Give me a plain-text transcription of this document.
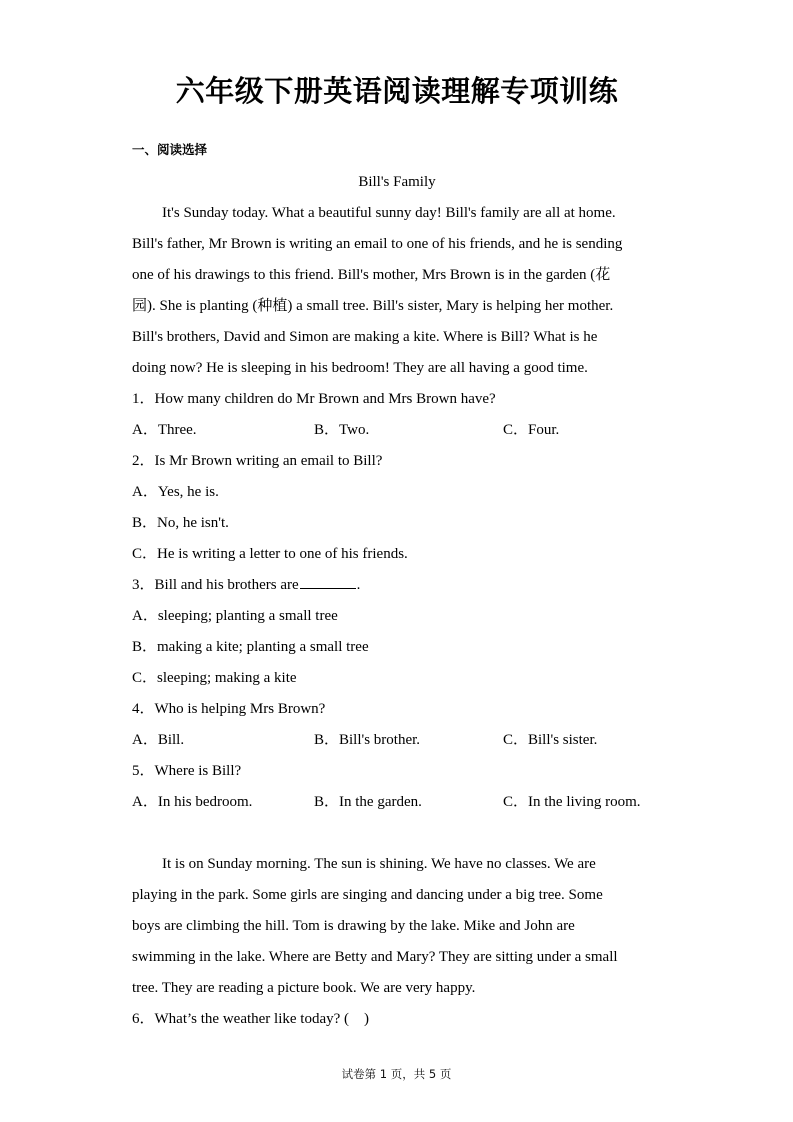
六年级下册英语阅读理解专项训练
一、阅读选择
Bill's Family

It's Sunday today. What a beautiful sunny day! Bill's family are all at home.

Bill's father, Mr Brown is writing an email to one of his friends, and he is sending

one of his drawings to this friend. Bill's mother, Mrs Brown is in the garden (花

园). She is planting (种植) a small tree. Bill's sister, Mary is helping her mother.

Bill's brothers, David and Simon are making a kite. Where is Bill? What is he

doing now? He is sleeping in his bedroom! They are all having a good time.

1．How many children do Mr Brown and Mrs Brown have?
A．Three.	B．Two.	C．Four.
2．Is Mr Brown writing an email to Bill?

A．Yes, he is.

B．No, he isn't.

C．He is writing a letter to one of his friends.

3．Bill and his brothers are	.

A．sleeping; planting a small tree

B．making a kite; planting a small tree

C．sleeping; making a kite

4．Who is helping Mrs Brown?
A．Bill.	B．Bill's brother.	C．Bill's sister.
5．Where is Bill?
A．In his bedroom.	B．In the garden.	C．In the living room.

It is on Sunday morning. The sun is shining. We have no classes. We are

playing in the park. Some girls are singing and dancing under a big tree. Some

boys are climbing the hill. Tom is drawing by the lake. Mike and John are

swimming in the lake. Where are Betty and Mary? They are sitting under a small

tree. They are reading a picture book. We are very happy.

6．What’s the weather like today? (    )
试卷第 1 页，共 5 页
